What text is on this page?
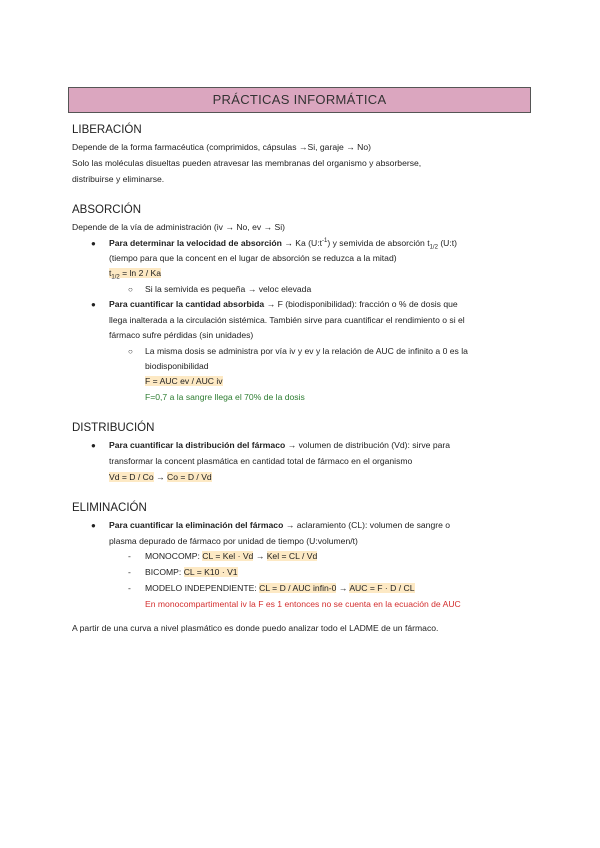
PRÁCTICAS INFORMÁTICA
LIBERACIÓN
Depende de la forma farmacéutica (comprimidos, cápsulas →Si, garaje → No)
Solo las moléculas disueltas pueden atravesar las membranas del organismo y absorberse,
distribuirse y eliminarse.
ABSORCIÓN
Depende de la vía de administración (iv → No, ev → Si)
● Para determinar la velocidad de absorción → Ka $(U:t^{-1})$ y semivida de absorción $t_{1/2}$ (U:t)
(tiempo para que la concent en el lugar de absorción se reduzca a la mitad)
$t_{1/2} = \ln 2 / Ka$
○ Si la semivida es pequeña → veloc elevada
● Para cuantificar la cantidad absorbida → F (biodisponibilidad): fracción o % de dosis que
llega inalterada a la circulación sistémica. También sirve para cuantificar el rendimiento o si el
fármaco sufre pérdidas (sin unidades)
○ La misma dosis se administra por vía iv y ev y la relación de AUC de infinito a 0 es la
biodisponibilidad
F = AUC ev / AUC iv
F=0,7 a la sangre llega el 70% de la dosis
DISTRIBUCIÓN
● Para cuantificar la distribución del fármaco → volumen de distribución (Vd): sirve para
transformar la concent plasmática en cantidad total de fármaco en el organismo
Vd = D / Co → Co = D / Vd
ELIMINACIÓN
● Para cuantificar la eliminación del fármaco → aclaramiento (CL): volumen de sangre o
plasma depurado de fármaco por unidad de tiempo (U:volumen/t)
- MONOCOMP: CL = Kel · Vd → Kel = CL / Vd
- BICOMP: CL = K10 · V1
- MODELO INDEPENDIENTE: CL = D / AUC infin-0 → AUC = F · D / CL
En monocompartimental iv la F es 1 entonces no se cuenta en la ecuación de AUC
A partir de una curva a nivel plasmático es donde puedo analizar todo el LADME de un fármaco.
